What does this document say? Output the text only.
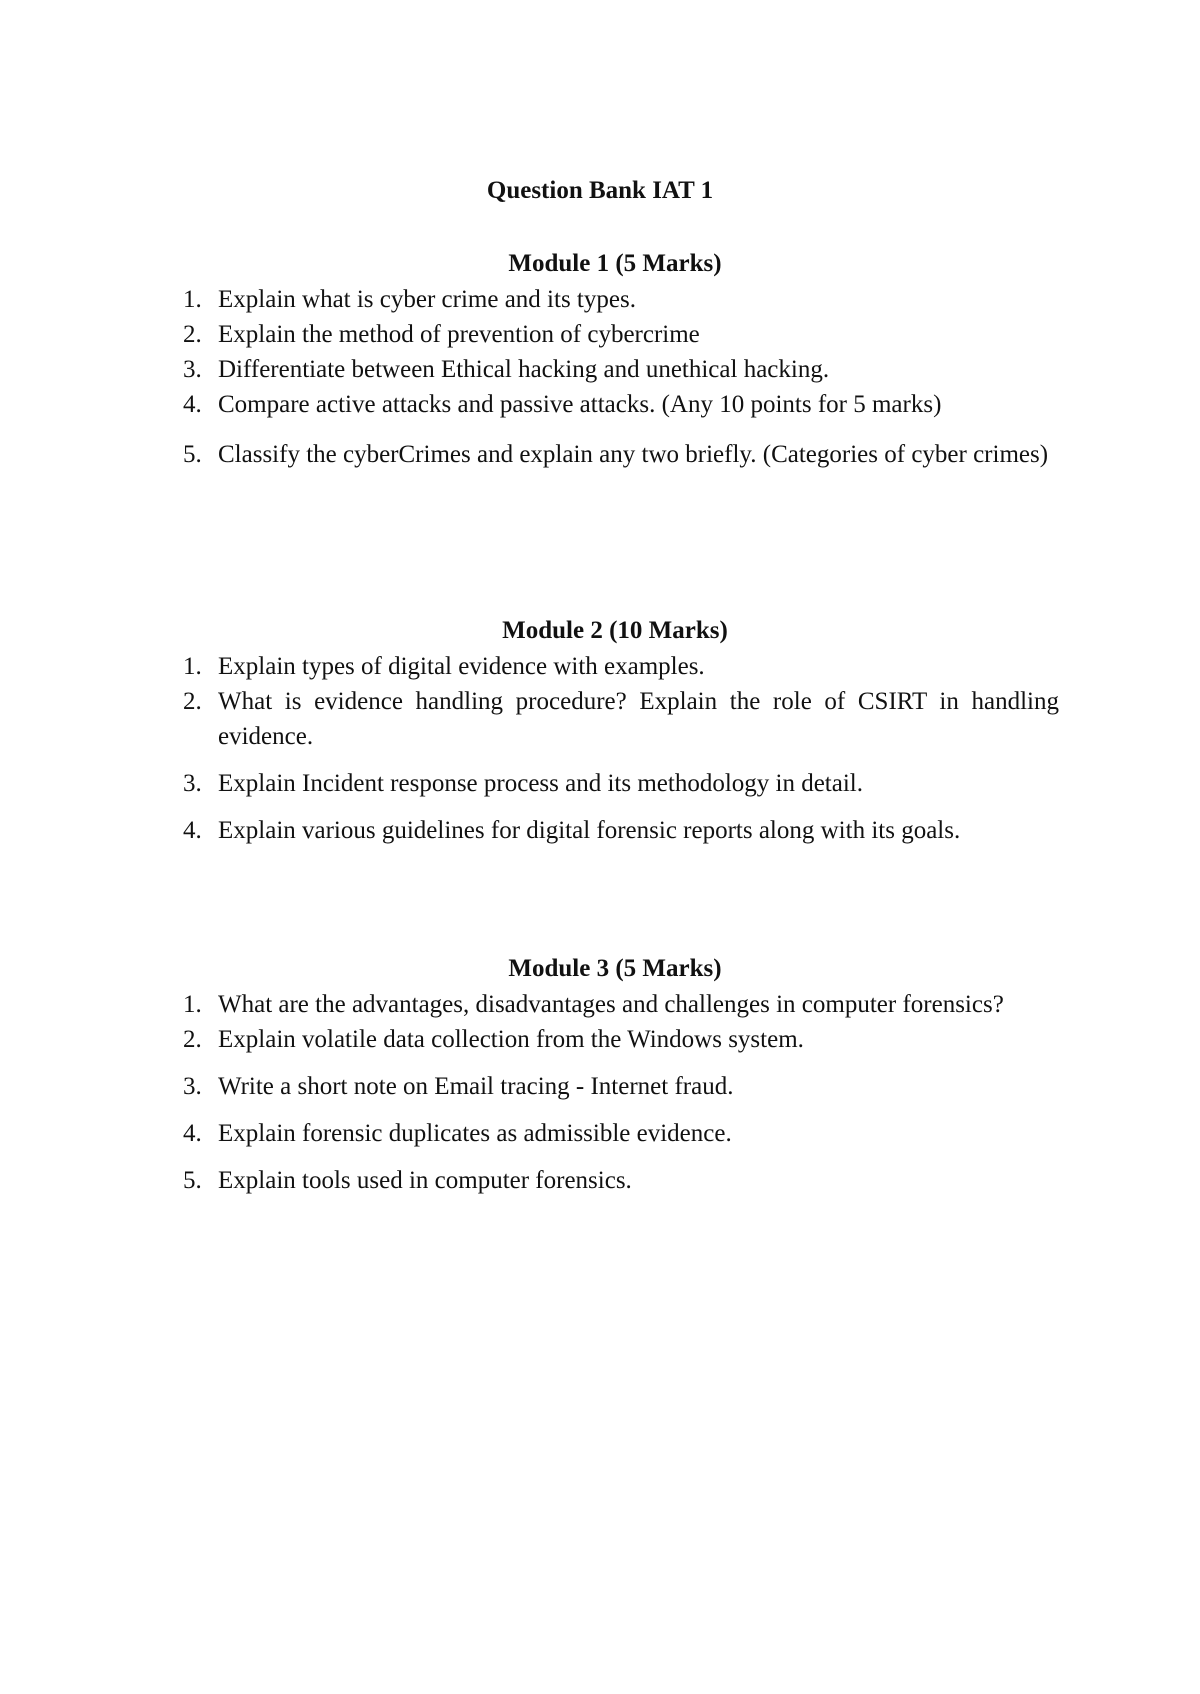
Question Bank IAT 1
Module 1 (5 Marks)
1. Explain what is cyber crime and its types.
2. Explain the method of prevention of cybercrime
3. Differentiate between Ethical hacking and unethical hacking.
4. Compare active attacks and passive attacks. (Any 10 points for 5 marks)
5. Classify the cyberCrimes and explain any two briefly. (Categories of cyber crimes)
Module 2 (10 Marks)
1. Explain types of digital evidence with examples.
2. What is evidence handling procedure? Explain the role of CSIRT in handling evidence.
3. Explain Incident response process and its methodology in detail.
4. Explain various guidelines for digital forensic reports along with its goals.
Module 3 (5 Marks)
1. What are the advantages, disadvantages and challenges in computer forensics?
2. Explain volatile data collection from the Windows system.
3. Write a short note on Email tracing - Internet fraud.
4. Explain forensic duplicates as admissible evidence.
5. Explain tools used in computer forensics.
